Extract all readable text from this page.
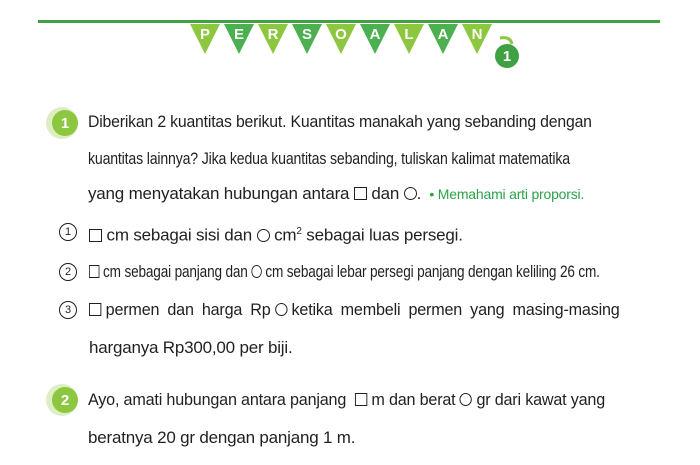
P E R S O A L A N
1
1	Diberikan 2 kuantitas berikut. Kuantitas manakah yang sebanding dengan
kuantitas lainnya? Jika kedua kuantitas sebanding, tuliskan kalimat matematika
yang menyatakan hubungan antara dan .  • Memahami arti proporsi.
1	cm sebagai sisi dan $cm^2$ sebagai luas persegi.
2	cm sebagai panjang dan cm sebagai lebar persegi panjang dengan keliling 26 cm.
3	permen dan harga Rp ketika membeli permen yang masing-masing
harganya Rp300,00 per biji.
2	Ayo, amati hubungan antara panjang m dan berat gr dari kawat yang
beratnya 20 gr dengan panjang 1 m.
